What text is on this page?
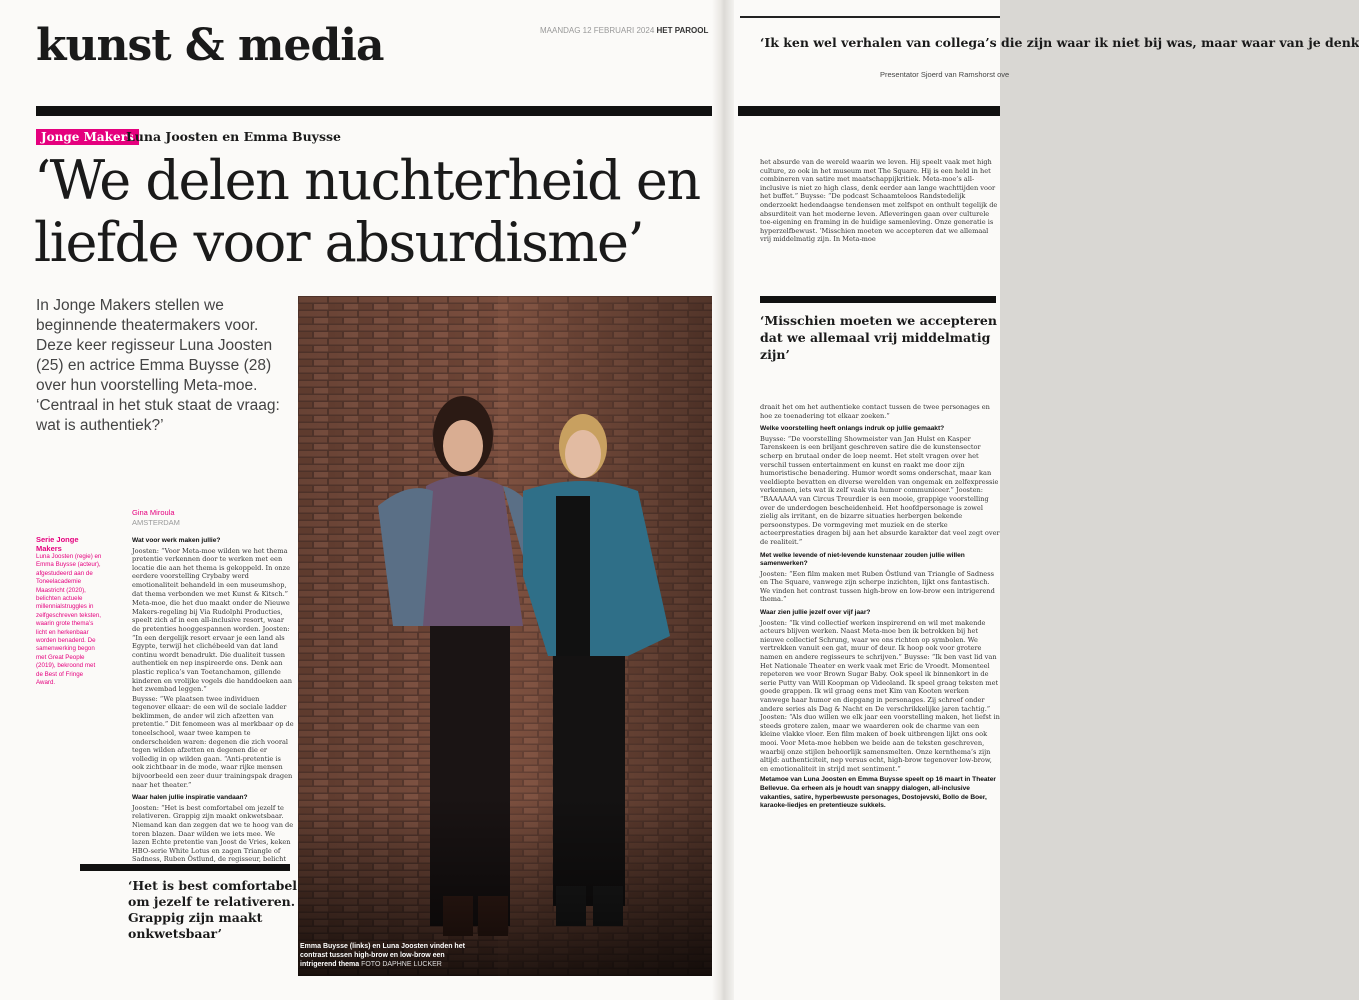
kunst & media	MAANDAG 12 FEBRUARI 2024 HET PAROOL
‘Ik ken wel verhalen van collega’s die zijn waar ik niet bij was, maar waar van je denk
Presentator Sjoerd van Ramshorst ove
Jonge Makers
Luna Joosten en Emma Buysse
‘We delen nuchterheid en liefde voor absurdisme’

In Jonge Makers stellen we beginnende theatermakers voor. Deze keer regisseur Luna Joosten (25) en actrice Emma Buysse (28) over hun voorstelling Meta-moe. ‘Centraal in het stuk staat de vraag: wat is authentiek?’

Serie Jonge Makers
Luna Joosten (regie) en Emma Buysse (acteur), afgestudeerd aan de Toneelacademie Maastricht (2020), belichten actuele millennialstruggles in zelfgeschreven teksten, waarin grote thema’s licht en herkenbaar worden benaderd. De samenwerking begon met Great People (2019), bekroond met de Best of Fringe Award.
Gina Miroula
AMSTERDAM
Wat voor werk maken jullie?

Joosten: “Voor Meta-moe wilden we het thema pretentie verkennen door te werken met een locatie die aan het thema is gekoppeld. In onze eerdere voorstelling Crybaby werd emotionaliteit behandeld in een museumshop, dat thema verbonden we met Kunst & Kitsch.”

Meta-moe, die het duo maakt onder de Nieuwe Makers-regeling bij Via Rudolphi Producties, speelt zich af in een all-inclusive resort, waar de pretenties hooggespannen worden. Joosten: “In een dergelijk resort ervaar je een land als Egypte, terwijl het clichébeeld van dat land continu wordt benadrukt. Die dualiteit tussen authentiek en nep inspireerde ons. Denk aan plastic replica’s van Toetanchamon, gillende kinderen en vrolijke vogels die handdoeken aan het zwembad leggen.”

Buysse: “We plaatsen twee individuen tegenover elkaar: de een wil de sociale ladder beklimmen, de ander wil zich afzetten van pretentie.” Dit fenomeen was al merkbaar op de toneelschool, waar twee kampen te onderscheiden waren: degenen die zich vooral tegen wilden afzetten en degenen die er volledig in op wilden gaan. “Anti-pretentie is ook zichtbaar in de mode, waar rijke mensen bijvoorbeeld een zeer duur trainingspak dragen naar het theater.”

Waar halen jullie inspiratie vandaan?

Joosten: “Het is best comfortabel om jezelf te relativeren. Grappig zijn maakt onkwetsbaar. Niemand kan dan zeggen dat we te hoog van de toren blazen. Daar wilden we iets mee. We lazen Echte pretentie van Joost de Vries, keken HBO-serie White Lotus en zagen Triangle of Sadness, Ruben Östlund, de regisseur, belicht

‘Het is best comfortabel om jezelf te relativeren. Grappig zijn maakt onkwetsbaar’
Emma Buysse (links) en Luna Joosten vinden het contrast tussen high-brow en low-brow een intrigerend thema FOTO DAPHNE LUCKER
het absurde van de wereld waarin we leven. Hij speelt vaak met high culture, zo ook in het museum met The Square. Hij is een held in het combineren van satire met maatschappijkritiek. Meta-moe’s all-inclusive is niet zo high class, denk eerder aan lange wachttijden voor het buffet.” Buysse: “De podcast Schaamteloos Randstedelijk onderzoekt hedendaagse tendensen met zelfspot en onthult tegelijk de absurditeit van het moderne leven. Afleveringen gaan over culturele toe-eigening en framing in de huidige samenleving. Onze generatie is hyperzelfbewust. ‘Misschien moeten we accepteren dat we allemaal vrij middelmatig zijn. In Meta-moe
‘Misschien moeten we accepteren dat we allemaal vrij middelmatig zijn’

draait het om het authentieke contact tussen de twee personages en hoe ze toenadering tot elkaar zoeken.”

Welke voorstelling heeft onlangs indruk op jullie gemaakt?

Buysse: “De voorstelling Showmeister van Jan Hulst en Kasper Tarenskeen is een briljant geschreven satire die de kunstensector scherp en brutaal onder de loep neemt. Het stelt vragen over het verschil tussen entertainment en kunst en raakt me door zijn humoristische benadering. Humor wordt soms onderschat, maar kan veeldiepte bevatten en diverse werelden van ongemak en zelfexpressie verkennen, iets wat ik zelf vaak via humor communiceer.” Joosten: “BAAAAAA van Circus Treurdier is een mooie, grappige voorstelling over de underdogen bescheidenheid. Het hoofdpersonage is zowel zielig als irritant, en de bizarre situaties herbergen bekende persoonstypes. De vormgeving met muziek en de sterke acteerprestaties dragen bij aan het absurde karakter dat veel zegt over de realiteit.”

Met welke levende of niet-levende kunstenaar zouden jullie willen samenwerken?

Joosten: “Een film maken met Ruben Östlund van Triangle of Sadness en The Square, vanwege zijn scherpe inzichten, lijkt ons fantastisch. We vinden het contrast tussen high-brow en low-brow een intrigerend thema.”

Waar zien jullie jezelf over vijf jaar?

Joosten: “Ik vind collectief werken inspirerend en wil met makende acteurs blijven werken. Naast Meta-moe ben ik betrokken bij het nieuwe collectief Schrung, waar we ons richten op symbolen. We vertrekken vanuit een gat, muur of deur. Ik hoop ook voor grotere namen en andere regisseurs te schrijven.” Buysse: “Ik ben vast lid van Het Nationale Theater en werk vaak met Eric de Vroedt. Momenteel repeteren we voor Brown Sugar Baby. Ook speel ik binnenkort in de serie Putty van Will Koopman op Videoland. Ik speel graag teksten met goede grappen. Ik wil graag eens met Kim van Kooten werken vanwege haar humor en diepgang in personages. Zij schreef onder andere series als Dag & Nacht en De verschrikkelijke jaren tachtig.” Joosten: “Als duo willen we elk jaar een voorstelling maken, het liefst in steeds grotere zalen, maar we waarderen ook de charme van een kleine vlakke vloer. Een film maken of boek uitbrengen lijkt ons ook mooi. Voor Meta-moe hebben we beide aan de teksten geschreven, waarbij onze stijlen behoorlijk samensmelten. Onze kernthema’s zijn altijd: authenticiteit, nep versus echt, high-brow tegenover low-brow, en emotionaliteit in strijd met sentiment.”

Metamoe van Luna Joosten en Emma Buysse speelt op 16 maart in Theater Bellevue. Ga erheen als je houdt van snappy dialogen, all-inclusive vakanties, satire, hyperbewuste personages, Dostojevski, Bollo de Boer, karaoke-liedjes en pretentieuze sukkels.
